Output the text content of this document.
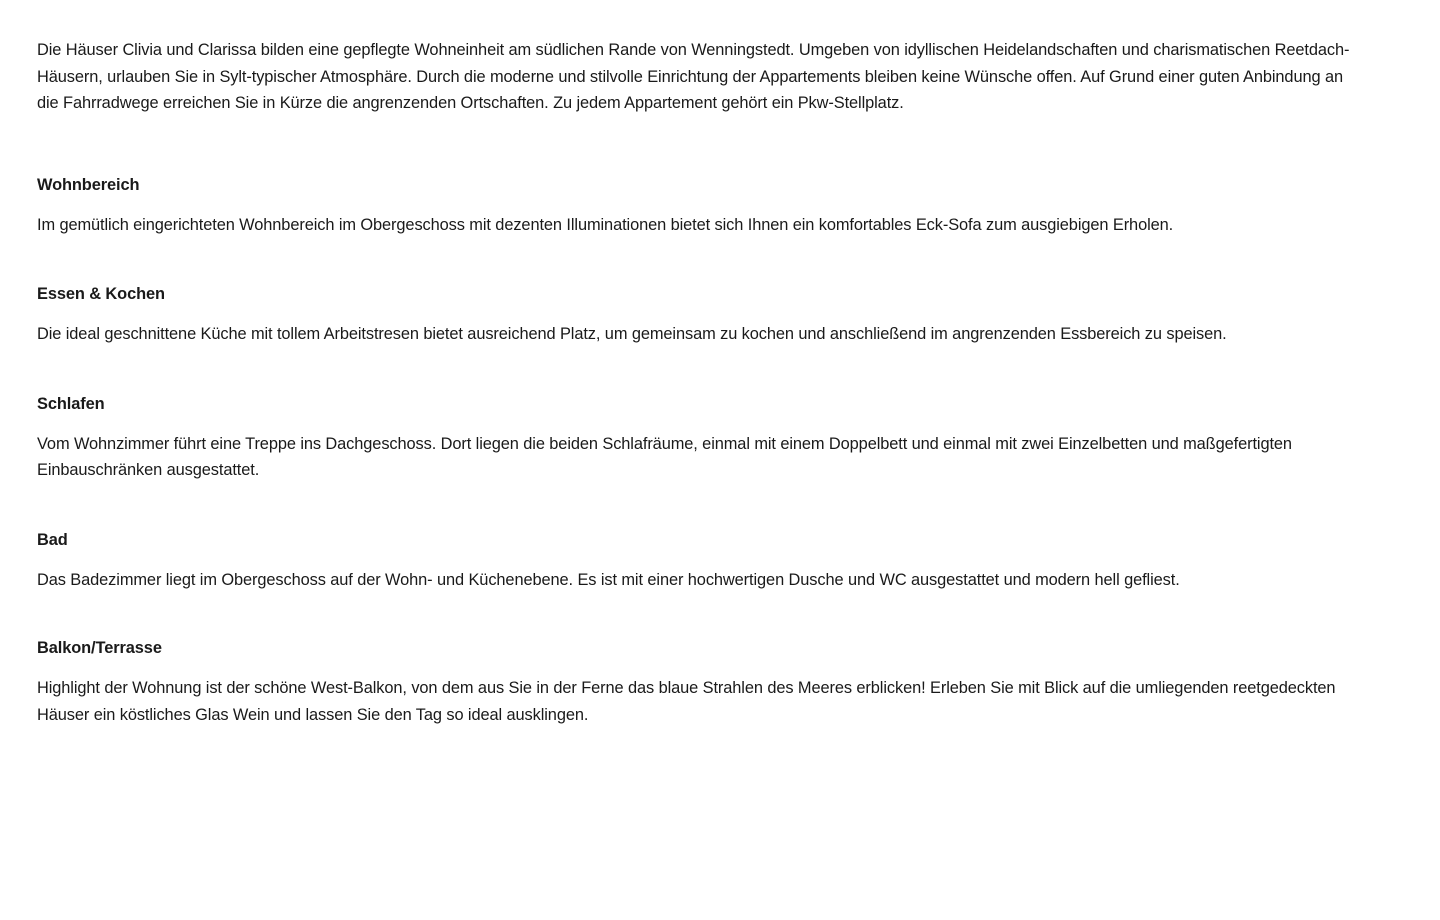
Die Häuser Clivia und Clarissa bilden eine gepflegte Wohneinheit am südlichen Rande von Wenningstedt. Umgeben von idyllischen Heidelandschaften und charismatischen Reetdach-Häusern, urlauben Sie in Sylt-typischer Atmosphäre. Durch die moderne und stilvolle Einrichtung der Appartements bleiben keine Wünsche offen. Auf Grund einer guten Anbindung an die Fahrradwege erreichen Sie in Kürze die angrenzenden Ortschaften. Zu jedem Appartement gehört ein Pkw-Stellplatz.

Wohnbereich

Im gemütlich eingerichteten Wohnbereich im Obergeschoss mit dezenten Illuminationen bietet sich Ihnen ein komfortables Eck-Sofa zum ausgiebigen Erholen.

Essen & Kochen

Die ideal geschnittene Küche mit tollem Arbeitstresen bietet ausreichend Platz, um gemeinsam zu kochen und anschließend im angrenzenden Essbereich zu speisen.

Schlafen

Vom Wohnzimmer führt eine Treppe ins Dachgeschoss. Dort liegen die beiden Schlafräume, einmal mit einem Doppelbett und einmal mit zwei Einzelbetten und maßgefertigten Einbauschränken ausgestattet.

Bad

Das Badezimmer liegt im Obergeschoss auf der Wohn- und Küchenebene. Es ist mit einer hochwertigen Dusche und WC ausgestattet und modern hell gefliest.

Balkon/Terrasse

Highlight der Wohnung ist der schöne West-Balkon, von dem aus Sie in der Ferne das blaue Strahlen des Meeres erblicken! Erleben Sie mit Blick auf die umliegenden reetgedeckten Häuser ein köstliches Glas Wein und lassen Sie den Tag so ideal ausklingen.
